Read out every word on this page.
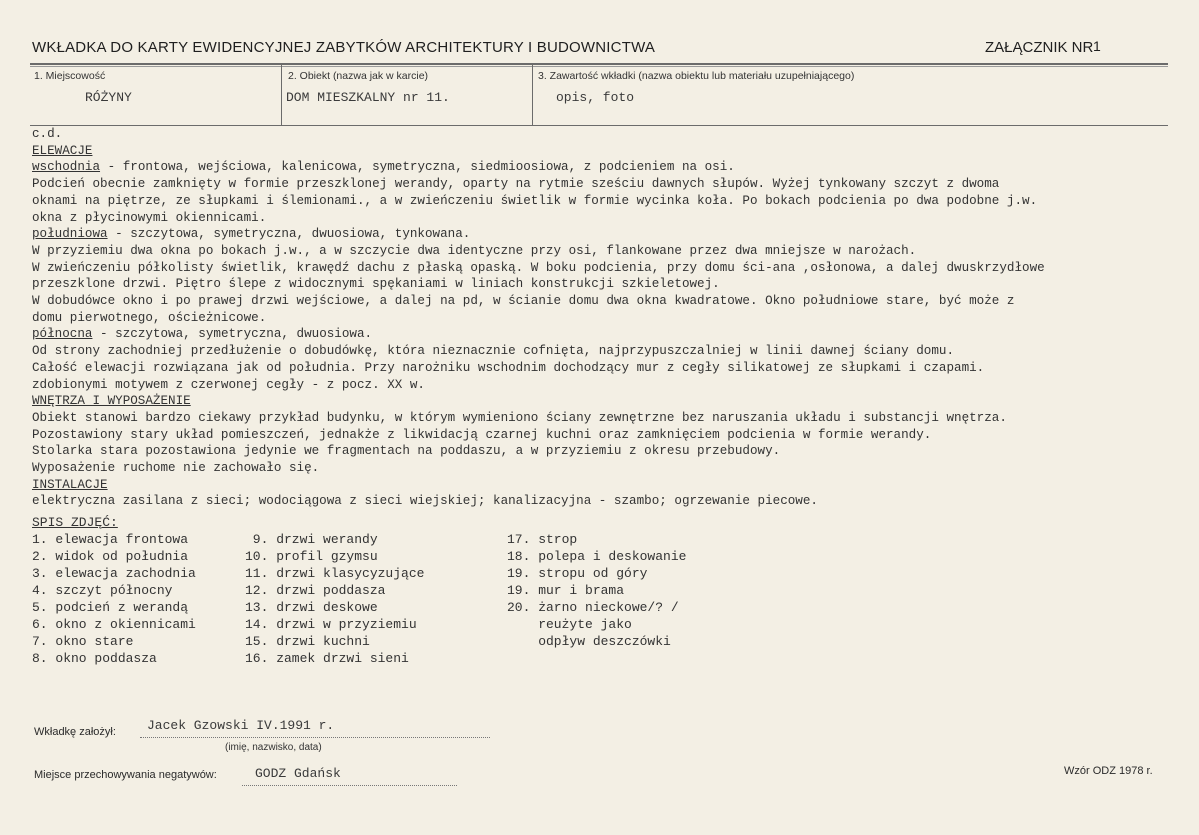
WKŁADKA DO KARTY EWIDENCYJNEJ ZABYTKÓW ARCHITEKTURY I BUDOWNICTWA	ZAŁĄCZNIK NR 1
1. Miejscowość
RÓŻYNY
2. Obiekt (nazwa jak w karcie)
DOM MIESZKALNY nr 11.
3. Zawartość wkładki (nazwa obiektu lub materiału uzupełniającego)
opis, foto
c.d.
ELEWACJE
wschodnia - frontowa, wejściowa, kalenicowa, symetryczna, siedmioosiowa, z podcieniem na osi.
Podcień obecnie zamknięty w formie przeszklonej werandy, oparty na rytmie sześciu dawnych słupów. Wyżej tynkowany szczyt z dwoma
oknami na piętrze, ze słupkami i ślemionami., a w zwieńczeniu świetlik w formie wycinka koła. Po bokach podcienia po dwa podobne j.w.
okna z płycinowymi okiennicami.
południowa - szczytowa, symetryczna, dwuosiowa, tynkowana.
W przyziemiu dwa okna po bokach j.w., a w szczycie dwa identyczne przy osi, flankowane przez dwa mniejsze w narożach.
W zwieńczeniu półkolisty świetlik, krawędź dachu z płaską opaską. W boku podcienia, przy domu ści-ana ,osłonowa, a dalej dwuskrzydłowe
przeszklone drzwi. Piętro ślepe z widocznymi spękaniami w liniach konstrukcji szkieletowej.
W dobudówce okno i po prawej drzwi wejściowe, a dalej na pd, w ścianie domu dwa okna kwadratowe. Okno południowe stare, być może z
domu pierwotnego, ościeżnicowe.
północna - szczytowa, symetryczna, dwuosiowa.
Od strony zachodniej przedłużenie o dobudówkę, która nieznacznie cofnięta, najprzypuszczalniej w linii dawnej ściany domu.
Całość elewacji rozwiązana jak od południa. Przy narożniku wschodnim dochodzący mur z cegły silikatowej ze słupkami i czapami.
zdobionymi motywem z czerwonej cegły - z pocz. XX w.
WNĘTRZA I WYPOSAŻENIE
Obiekt stanowi bardzo ciekawy przykład budynku, w którym wymieniono ściany zewnętrzne bez naruszania układu i substancji wnętrza.
Pozostawiony stary układ pomieszczeń, jednakże z likwidacją czarnej kuchni oraz zamknięciem podcienia w formie werandy.
Stolarka stara pozostawiona jedynie we fragmentach na poddaszu, a w przyziemiu z okresu przebudowy.
Wyposażenie ruchome nie zachowało się.
INSTALACJE
elektryczna zasilana z sieci; wodociągowa z sieci wiejskiej; kanalizacyjna - szambo; ogrzewanie piecowe.
SPIS ZDJĘĆ:
1. elewacja frontowa
2. widok od południa
3. elewacja zachodnia
4. szczyt północny
5. podcień z werandą
6. okno z okiennicami
7. okno stare
8. okno poddasza
9. drzwi werandy
10. profil gzymsu
11. drzwi klasycyzujące
12. drzwi poddasza
13. drzwi deskowe
14. drzwi w przyziemiu
15. drzwi kuchni
16. zamek drzwi sieni
17. strop
18. polepa i deskowanie
19. stropu od góry
19. mur i brama
20. żarno nieckowe/? /
reużyte jako
odpływ deszczówki
Wkładkę założył: Jacek Gzowski IV.1991 r.
(imię, nazwisko, data)
Miejsce przechowywania negatywów:	GODZ Gdańsk	Wzór ODZ 1978 r.
